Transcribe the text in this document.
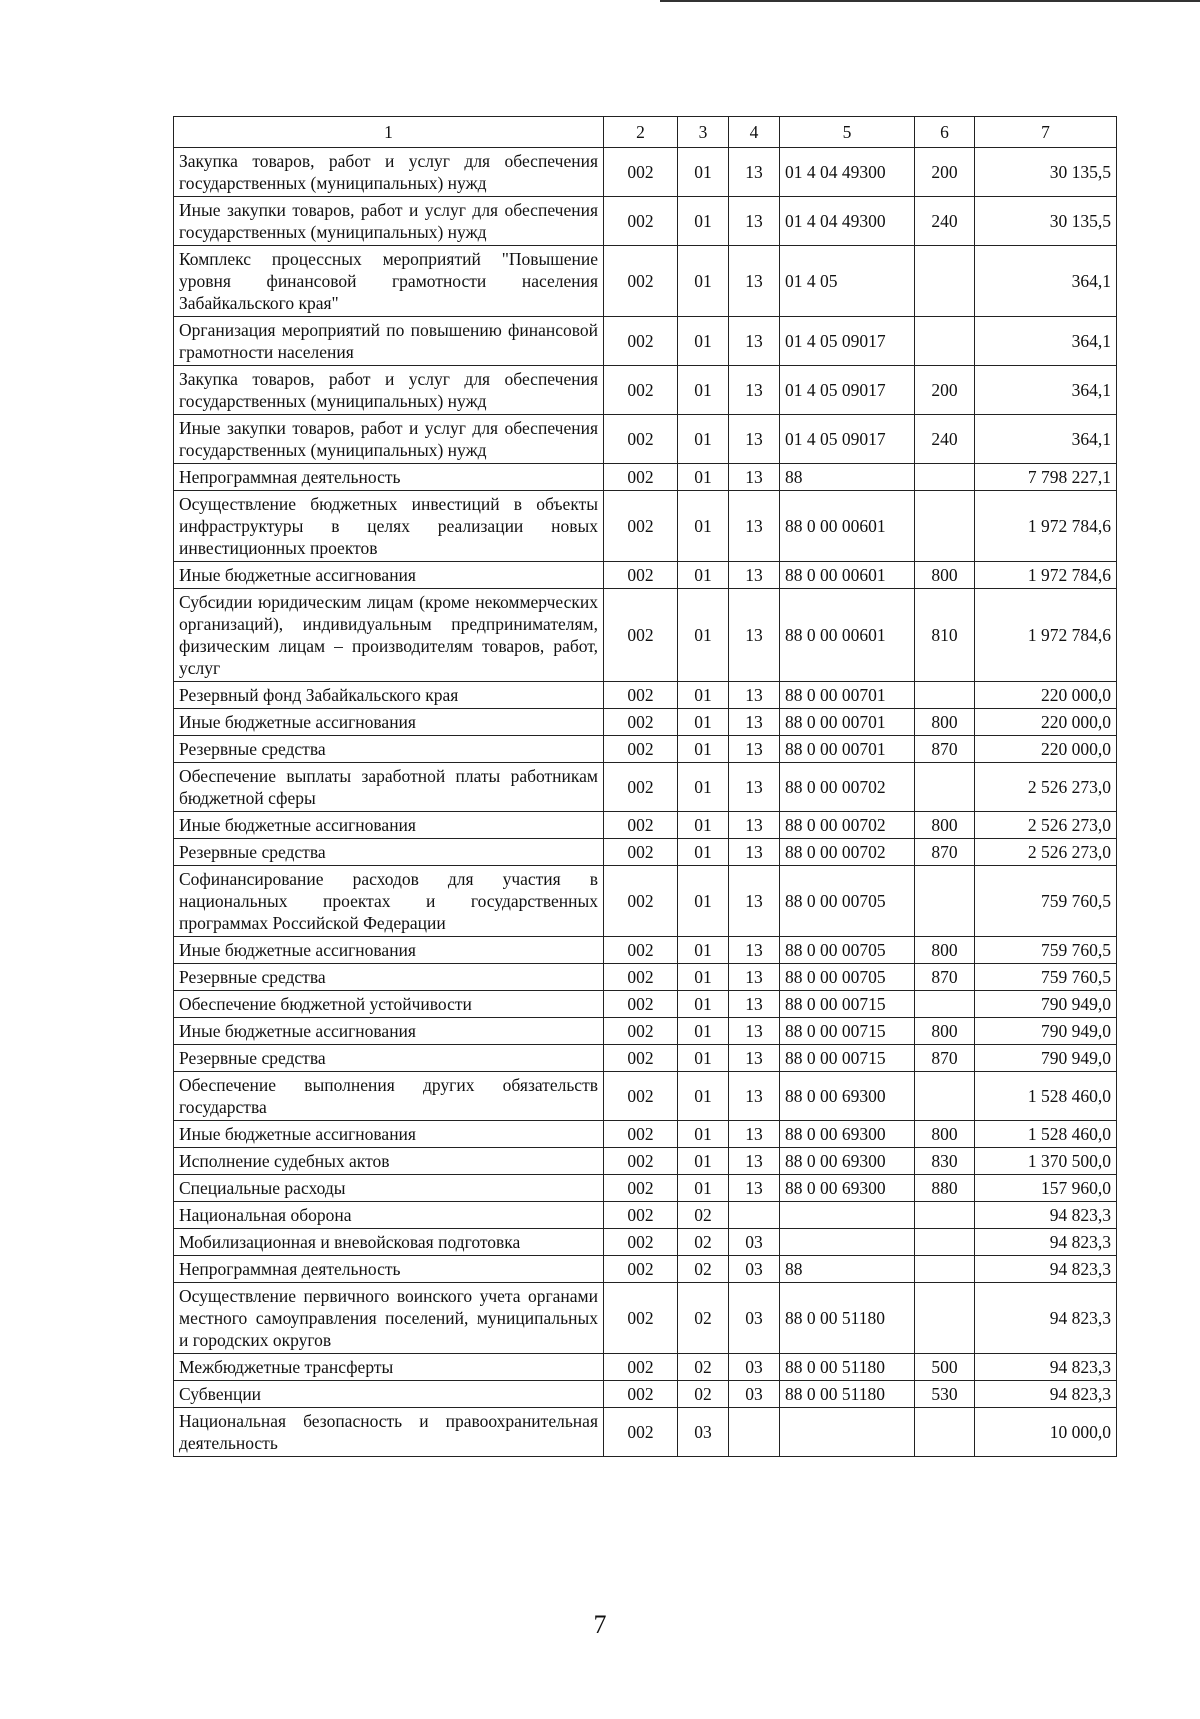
1	2	3	4	5	6	7
Закупка товаров, работ и услуг для обеспечения государственных (муниципальных) нужд	002	01	13	01 4 04 49300	200	30 135,5
Иные закупки товаров, работ и услуг для обеспечения государственных (муниципальных) нужд	002	01	13	01 4 04 49300	240	30 135,5
Комплекс процессных мероприятий "Повышение уровня финансовой грамотности населения Забайкальского края"	002	01	13	01 4 05		364,1
Организация мероприятий по повышению финансовой грамотности населения	002	01	13	01 4 05 09017		364,1
Закупка товаров, работ и услуг для обеспечения государственных (муниципальных) нужд	002	01	13	01 4 05 09017	200	364,1
Иные закупки товаров, работ и услуг для обеспечения государственных (муниципальных) нужд	002	01	13	01 4 05 09017	240	364,1
Непрограммная деятельность	002	01	13	88		7 798 227,1
Осуществление бюджетных инвестиций в объекты инфраструктуры в целях реализации новых инвестиционных проектов	002	01	13	88 0 00 00601		1 972 784,6
Иные бюджетные ассигнования	002	01	13	88 0 00 00601	800	1 972 784,6
Субсидии юридическим лицам (кроме некоммерческих организаций), индивидуальным предпринимателям, физическим лицам – производителям товаров, работ, услуг	002	01	13	88 0 00 00601	810	1 972 784,6
Резервный фонд Забайкальского края	002	01	13	88 0 00 00701		220 000,0
Иные бюджетные ассигнования	002	01	13	88 0 00 00701	800	220 000,0
Резервные средства	002	01	13	88 0 00 00701	870	220 000,0
Обеспечение выплаты заработной платы работникам бюджетной сферы	002	01	13	88 0 00 00702		2 526 273,0
Иные бюджетные ассигнования	002	01	13	88 0 00 00702	800	2 526 273,0
Резервные средства	002	01	13	88 0 00 00702	870	2 526 273,0
Софинансирование расходов для участия в национальных проектах и государственных программах Российской Федерации	002	01	13	88 0 00 00705		759 760,5
Иные бюджетные ассигнования	002	01	13	88 0 00 00705	800	759 760,5
Резервные средства	002	01	13	88 0 00 00705	870	759 760,5
Обеспечение бюджетной устойчивости	002	01	13	88 0 00 00715		790 949,0
Иные бюджетные ассигнования	002	01	13	88 0 00 00715	800	790 949,0
Резервные средства	002	01	13	88 0 00 00715	870	790 949,0
Обеспечение выполнения других обязательств государства	002	01	13	88 0 00 69300		1 528 460,0
Иные бюджетные ассигнования	002	01	13	88 0 00 69300	800	1 528 460,0
Исполнение судебных актов	002	01	13	88 0 00 69300	830	1 370 500,0
Специальные расходы	002	01	13	88 0 00 69300	880	157 960,0
Национальная оборона	002	02				94 823,3
Мобилизационная и вневойсковая подготовка	002	02	03			94 823,3
Непрограммная деятельность	002	02	03	88		94 823,3
Осуществление первичного воинского учета органами местного самоуправления поселений, муниципальных и городских округов	002	02	03	88 0 00 51180		94 823,3
Межбюджетные трансферты	002	02	03	88 0 00 51180	500	94 823,3
Субвенции	002	02	03	88 0 00 51180	530	94 823,3
Национальная безопасность и правоохранительная деятельность	002	03				10 000,0
7
